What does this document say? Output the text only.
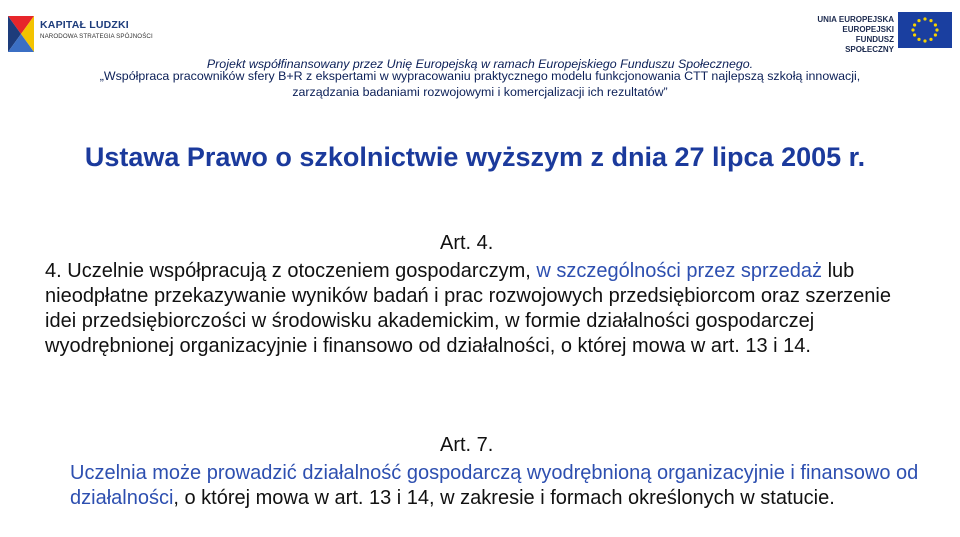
KAPITAŁ LUDZKI
NARODOWA STRATEGIA SPÓJNOŚCI
UNIA EUROPEJSKA
EUROPEJSKI
FUNDUSZ SPOŁECZNY
Projekt współfinansowany przez Unię Europejską w ramach Europejskiego Funduszu Społecznego.
„Współpraca pracowników sfery B+R z ekspertami w wypracowaniu praktycznego modelu funkcjonowania CTT najlepszą szkołą innowacji,
zarządzania badaniami rozwojowymi i komercjalizacji ich rezultatów”
Ustawa Prawo o szkolnictwie wyższym z dnia 27 lipca 2005 r.
Art. 4.
4. Uczelnie współpracują z otoczeniem gospodarczym, w szczególności przez sprzedaż lub nieodpłatne przekazywanie wyników badań i prac rozwojowych przedsiębiorcom oraz szerzenie idei przedsiębiorczości w środowisku akademickim, w formie działalności gospodarczej wyodrębnionej organizacyjnie i finansowo od działalności, o której mowa w art. 13 i 14.
Art. 7.
Uczelnia może prowadzić działalność gospodarczą wyodrębnioną organizacyjnie i finansowo od działalności, o której mowa w art. 13 i 14, w zakresie i formach określonych w statucie.
